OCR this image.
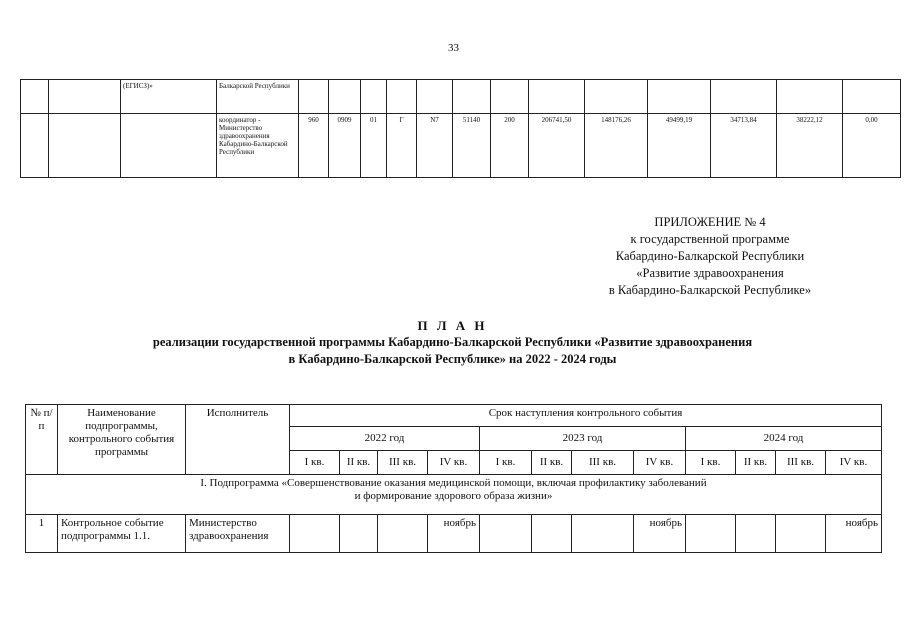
33
		(ЕГИСЗ)»	Балкарской Республики													
			координатор - Министерство здравоохранения Кабардино-Балкарской Республики	960	0909	01	Г	N7	51140	200	206741,50	148176,26	49499,19	34713,84	38222,12	0,00
ПРИЛОЖЕНИЕ № 4
к государственной программе
Кабардино-Балкарской Республики
«Развитие здравоохранения
в Кабардино-Балкарской Республике»
П Л А Н
реализации государственной программы Кабардино-Балкарской Республики «Развитие здравоохранения
в Кабардино-Балкарской Республике» на 2022 - 2024 годы
№ п/п	Наименование подпрограммы, контрольного события программы	Исполнитель	Срок наступления контрольного события											
			2022 год				2023 год				2024 год			
			I кв.	II кв.	III кв.	IV кв.	I кв.	II кв.	III кв.	IV кв.	I кв.	II кв.	III кв.	IV кв.

I. Подпрограмма «Совершенствование оказания медицинской помощи, включая профилактику заболеваний
и формирование здорового образа жизни»														

1	Контрольное событие подпрограммы 1.1.	Министерство здравоохранения				ноябрь				ноябрь				ноябрь
